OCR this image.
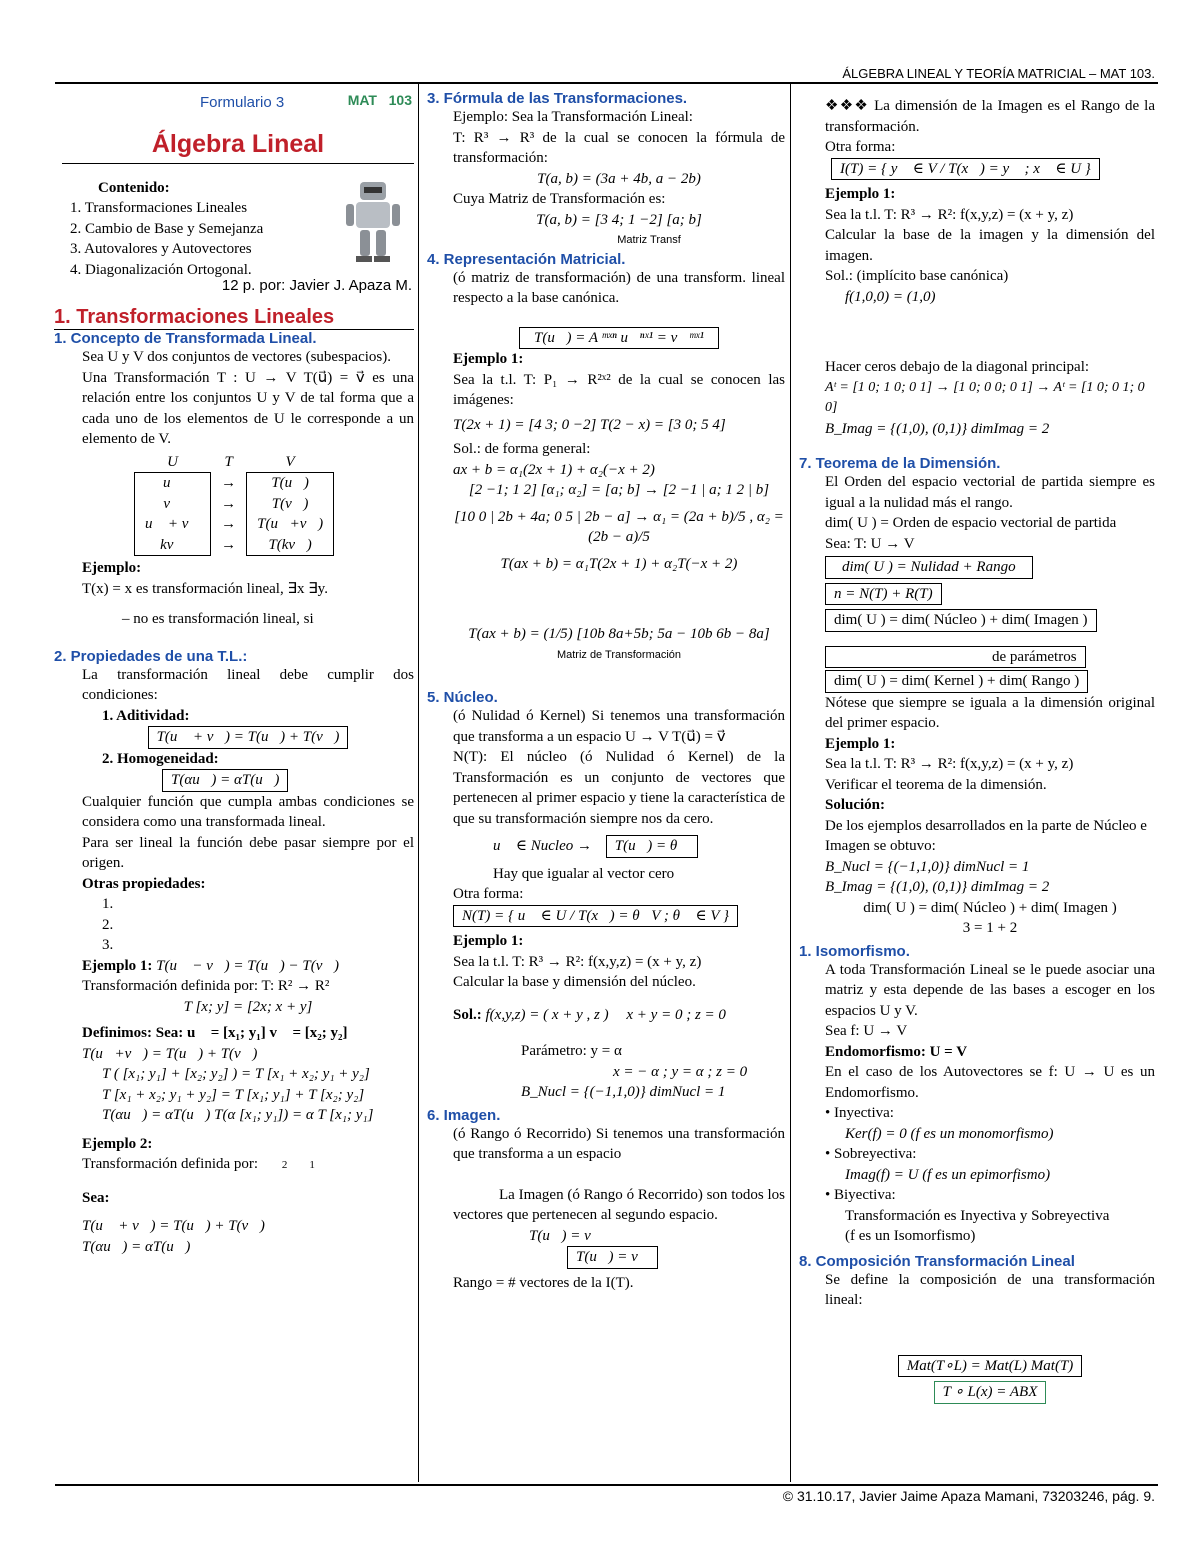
ÁLGEBRA LINEAL Y TEORÍA MATRICIAL – MAT 103.
© 31.10.17, Javier Jaime Apaza Mamani, 73203246, pág. 9.
Formulario 3	MAT   103
Álgebra Lineal
Contenido:
1. Transformaciones Lineales
2. Cambio de Base y Semejanza
3. Autovalores y Autovectores
4. Diagonalización Ortogonal.
12 p. por: Javier J. Apaza M.
1. Transformaciones Lineales
1. Concepto de Transformada Lineal.

Sea U y V dos conjuntos de vectores (subespacios).

Una Transformación T : U → V T(u⃗) = v⃗ es una relación entre los conjuntos U y V de tal forma que a cada uno de los elementos de U le corresponde a un elemento de V.

U	T	V
u⃗	→	T(u⃗)
v⃗	→	T(v⃗)
u⃗ + v⃗	→	T(u⃗+v⃗)
kv⃗	→	T(kv⃗)
Ejemplo:
T(x) = x es transformación lineal, ∃x ∃y.
– no es transformación lineal, si
2. Propiedades de una T.L.:

La transformación lineal debe cumplir dos condiciones:

1. Aditividad:
T(u⃗ + v⃗) = T(u⃗) + T(v⃗)
2. Homogeneidad:
T(αu⃗) = αT(u⃗)

Cualquier función que cumpla ambas condiciones se considera como una transformada lineal.

Para ser lineal la función debe pasar siempre por el origen.

Otras propiedades:
1.
2.
3.
Ejemplo 1: T(u⃗ − v⃗) = T(u⃗) − T(v⃗)
Transformación definida por: T: R² → R²
T [x; y] = [2x; x + y]
Definimos: Sea: u⃗ = [x₁; y₁] v⃗ = [x₂; y₂]
T(u⃗+v⃗) = T(u⃗) + T(v⃗)
T ( [x₁; y₁] + [x₂; y₂] ) = T [x₁ + x₂; y₁ + y₂]
T [x₁ + x₂; y₁ + y₂] = T [x₁; y₁] + T [x₂; y₂]
T(αu⃗) = αT(u⃗) T(α [x₁; y₁]) = α T [x₁; y₁]
Ejemplo 2:
Transformación definida por: 2        1
Sea:
T(u⃗ + v⃗) = T(u⃗) + T(v⃗)
T(αu⃗) = αT(u⃗)
3. Fórmula de las Transformaciones.

Ejemplo: Sea la Transformación Lineal:

T: R³ → R³ de la cual se conocen la fórmula de transformación:

T(a, b) = (3a + 4b, a − 2b)
Cuya Matriz de Transformación es:
T(a, b) = [3 4; 1 −2] [a; b]
Matriz Transf
4. Representación Matricial.

(ó matriz de transformación) de una transform. lineal respecto a la base canónica.

T(u⃗) = A ᵐˣⁿ u⃗ⁿˣ¹ = v⃗ᵐˣ¹
Ejemplo 1:

Sea la t.l. T: P₁ → R²ˣ² de la cual se conocen las imágenes:

T(2x + 1) = [4 3; 0 −2] T(2 − x) = [3 0; 5 4]
Sol.: de forma general:
ax + b = α₁(2x + 1) + α₂(−x + 2)
[2 −1; 1 2] [α₁; α₂] = [a; b] → [2 −1 | a; 1 2 | b]
[10 0 | 2b + 4a; 0 5 | 2b − a] → α₁ = (2a + b)/5 , α₂ = (2b − a)/5
T(ax + b) = α₁T(2x + 1) + α₂T(−x + 2)
T(ax + b) = (1/5) [10b 8a+5b; 5a − 10b 6b − 8a]
Matriz de Transformación
5. Núcleo.

(ó Nulidad ó Kernel) Si tenemos una transformación que transforma a un espacio U → V T(u⃗) = v⃗

N(T): El núcleo (ó Nulidad ó Kernel) de la Transformación es un conjunto de vectores que pertenecen al primer espacio y tiene la característica de que su transformación siempre nos da cero.

u⃗ ∈ Nucleo → T(u⃗) = θ⃗
Hay que igualar al vector cero
Otra forma:
N(T) = { u⃗ ∈ U / T(x⃗) = θ⃗V ; θ⃗ ∈ V }
Ejemplo 1:
Sea la t.l. T: R³ → R²: f(x,y,z) = (x + y, z)
Calcular la base y dimensión del núcleo.
Sol.: f(x,y,z) = ( x + y , z ) x + y = 0 ; z = 0
Parámetro: y = α
x = − α ; y = α ; z = 0
B_Nucl = {(−1,1,0)} dimNucl = 1
6. Imagen.

(ó Rango ó Recorrido) Si tenemos una transformación que transforma a un espacio

La Imagen (ó Rango ó Recorrido) son todos los vectores que pertenecen al segundo espacio.

T(u⃗) = v⃗
T(u⃗) = v⃗
Rango = # vectores de la I(T).

❖❖❖ La dimensión de la Imagen es el Rango de la transformación.

Otra forma:
I(T) = { y⃗ ∈ V / T(x⃗) = y⃗ ; x⃗ ∈ U }
Ejemplo 1:
Sea la t.l. T: R³ → R²: f(x,y,z) = (x + y, z)

Calcular la base de la imagen y la dimensión del imagen.

Sol.: (implícito base canónica)
f(1,0,0) = (1,0)
Hacer ceros debajo de la diagonal principal:
Aᵗ = [1 0; 1 0; 0 1] → [1 0; 0 0; 0 1] → Aᵗ = [1 0; 0 1; 0 0]
B_Imag = {(1,0), (0,1)} dimImag = 2
7. Teorema de la Dimensión.

El Orden del espacio vectorial de partida siempre es igual a la nulidad más el rango.

dim( U ) = Orden de espacio vectorial de partida
Sea: T: U → V
dim( U ) = Nulidad + Rango
n = N(T) + R(T)
dim( U ) = dim( Núcleo ) + dim( Imagen )
de parámetros
dim( U ) = dim( Kernel ) + dim( Rango )

Nótese que siempre se iguala a la dimensión original del primer espacio.

Ejemplo 1:
Sea la t.l. T: R³ → R²: f(x,y,z) = (x + y, z)
Verificar el teorema de la dimensión.
Solución:

De los ejemplos desarrollados en la parte de Núcleo e Imagen se obtuvo:

B_Nucl = {(−1,1,0)} dimNucl = 1
B_Imag = {(1,0), (0,1)} dimImag = 2
dim( U ) = dim( Núcleo ) + dim( Imagen )
3 = 1 + 2
1. Isomorfismo.

A toda Transformación Lineal se le puede asociar una matriz y esta depende de las bases a escoger en los espacios U y V.

Sea f: U → V
Endomorfismo: U = V

En el caso de los Autovectores se f: U → U es un Endomorfismo.

• Inyectiva:
Ker(f) = 0 (f es un monomorfismo)
• Sobreyectiva:
Imag(f) = U (f es un epimorfismo)
• Biyectiva:
Transformación es Inyectiva y Sobreyectiva
(f es un Isomorfismo)
8. Composición Transformación Lineal

Se define la composición de una transformación lineal:

Mat(T∘L) = Mat(L) Mat(T)
T ∘ L(x) = ABX
